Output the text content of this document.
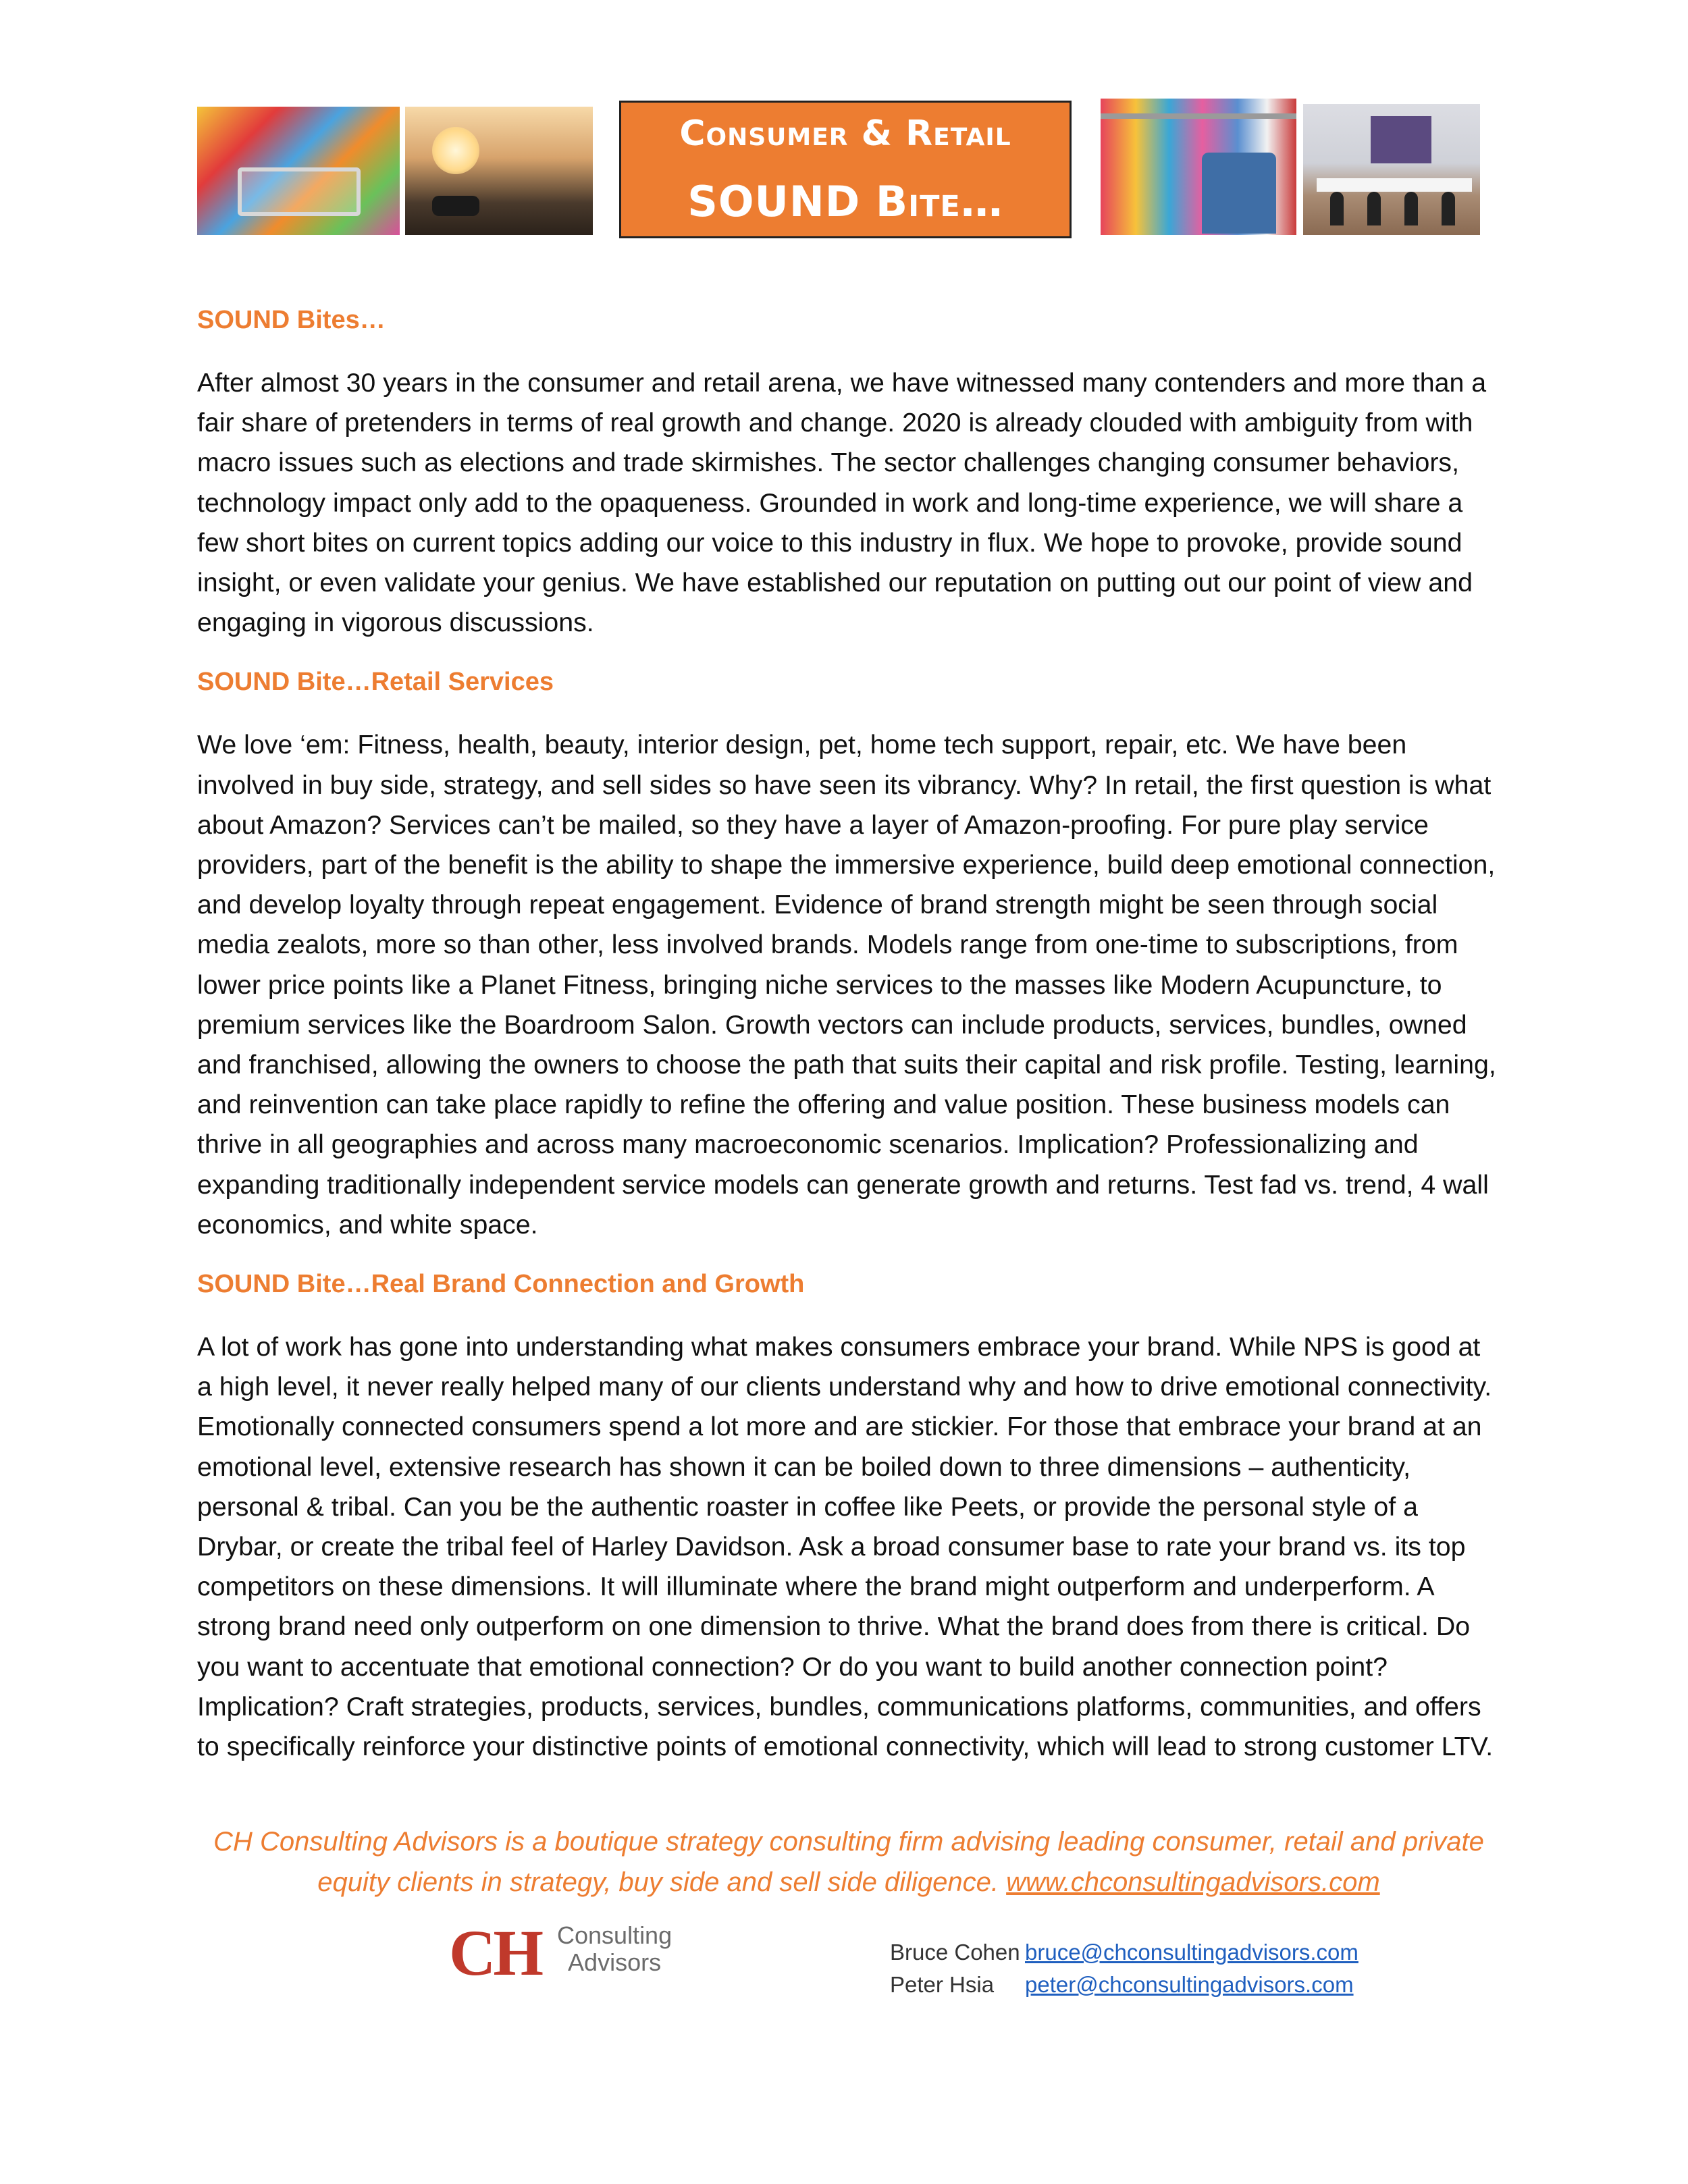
Consumer & Retail
SOUND Bite…
SOUND Bites…

After almost 30 years in the consumer and retail arena, we have witnessed many contenders and more than a fair share of pretenders in terms of real growth and change. 2020 is already clouded with ambiguity from with macro issues such as elections and trade skirmishes. The sector challenges changing consumer behaviors, technology impact only add to the opaqueness. Grounded in work and long-time experience, we will share a few short bites on current topics adding our voice to this industry in flux. We hope to provoke, provide sound insight, or even validate your genius. We have established our reputation on putting out our point of view and engaging in vigorous discussions.

SOUND Bite…Retail Services

We love ‘em: Fitness, health, beauty, interior design, pet, home tech support, repair, etc. We have been involved in buy side, strategy, and sell sides so have seen its vibrancy. Why? In retail, the first question is what about Amazon? Services can’t be mailed, so they have a layer of Amazon-proofing. For pure play service providers, part of the benefit is the ability to shape the immersive experience, build deep emotional connection, and develop loyalty through repeat engagement. Evidence of brand strength might be seen through social media zealots, more so than other, less involved brands. Models range from one-time to subscriptions, from lower price points like a Planet Fitness, bringing niche services to the masses like Modern Acupuncture, to premium services like the Boardroom Salon. Growth vectors can include products, services, bundles, owned and franchised, allowing the owners to choose the path that suits their capital and risk profile. Testing, learning, and reinvention can take place rapidly to refine the offering and value position. These business models can thrive in all geographies and across many macroeconomic scenarios. Implication? Professionalizing and expanding traditionally independent service models can generate growth and returns. Test fad vs. trend, 4 wall economics, and white space.

SOUND Bite…Real Brand Connection and Growth

A lot of work has gone into understanding what makes consumers embrace your brand. While NPS is good at a high level, it never really helped many of our clients understand why and how to drive emotional connectivity. Emotionally connected consumers spend a lot more and are stickier. For those that embrace your brand at an emotional level, extensive research has shown it can be boiled down to three dimensions – authenticity, personal & tribal. Can you be the authentic roaster in coffee like Peets, or provide the personal style of a Drybar, or create the tribal feel of Harley Davidson. Ask a broad consumer base to rate your brand vs. its top competitors on these dimensions. It will illuminate where the brand might outperform and underperform. A strong brand need only outperform on one dimension to thrive. What the brand does from there is critical. Do you want to accentuate that emotional connection? Or do you want to build another connection point? Implication? Craft strategies, products, services, bundles, communications platforms, communities, and offers to specifically reinforce your distinctive points of emotional connectivity, which will lead to strong customer LTV.

CH Consulting Advisors is a boutique strategy consulting firm advising leading consumer, retail and private equity clients in strategy, buy side and sell side diligence. www.chconsultingadvisors.com
CH Consulting
Advisors	Bruce Cohen bruce@chconsultingadvisors.com
Peter Hsia peter@chconsultingadvisors.com
